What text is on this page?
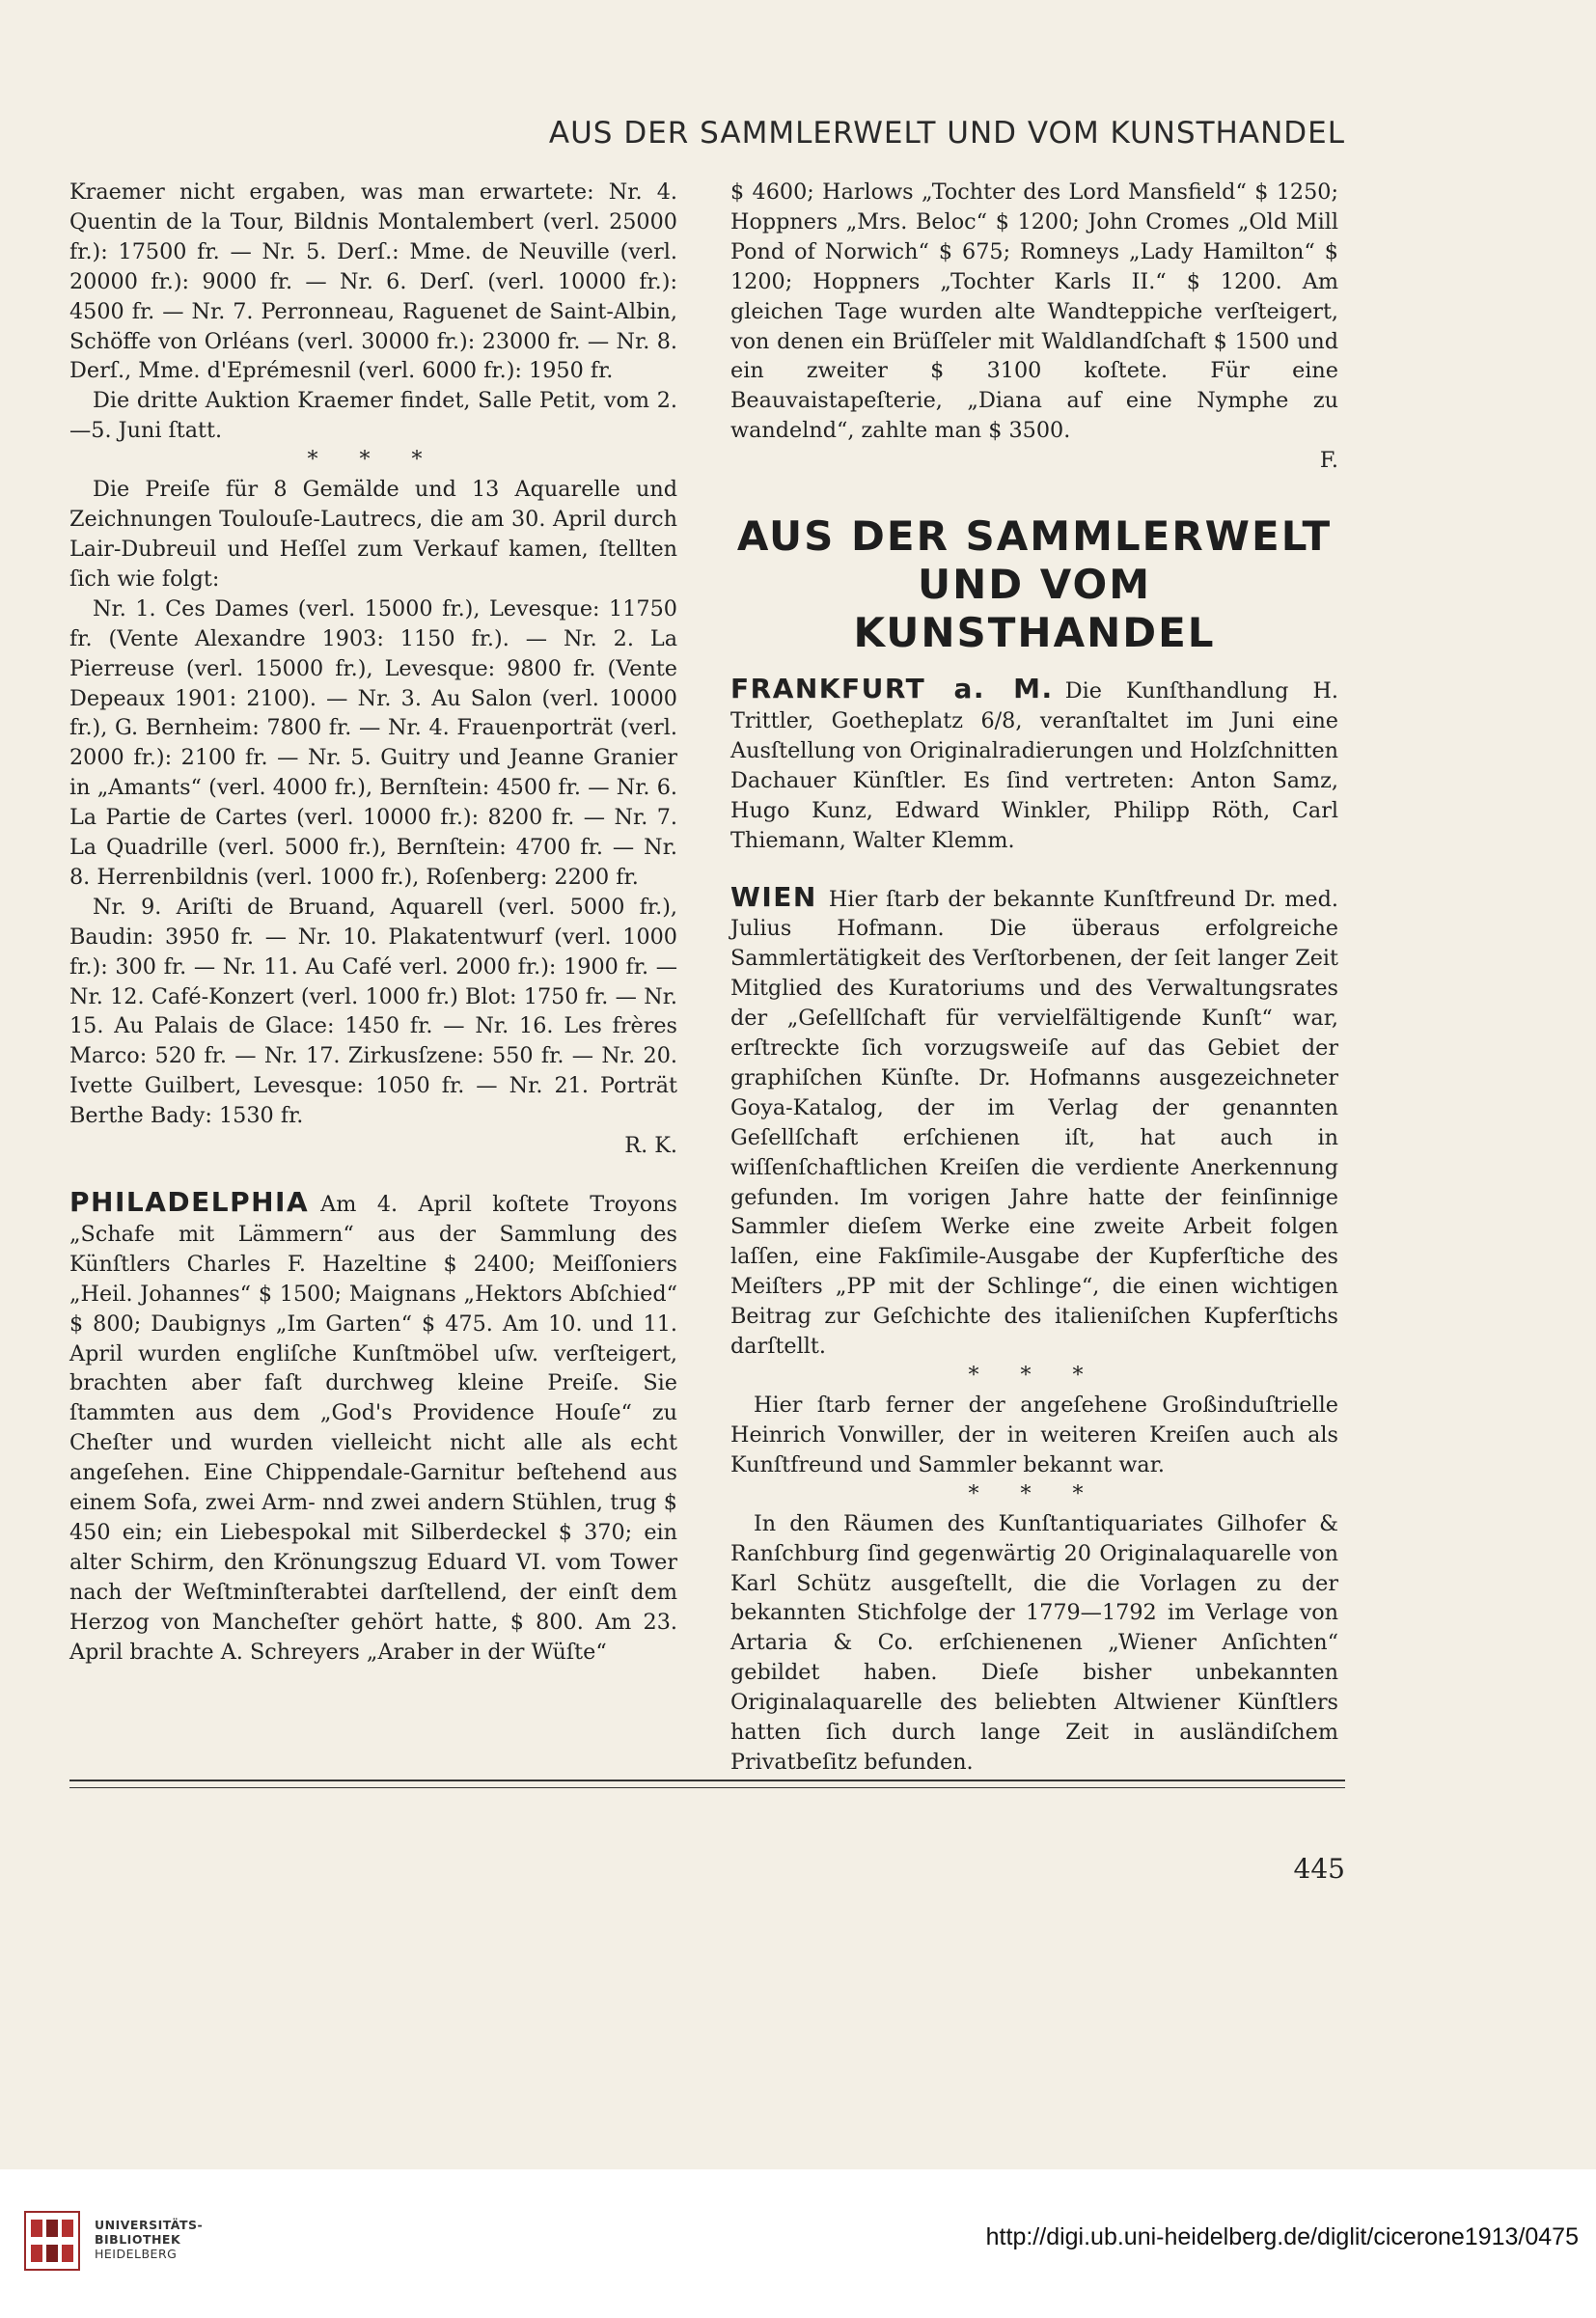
AUS DER SAMMLERWELT UND VOM KUNSTHANDEL

Kraemer nicht ergaben, was man erwartete: Nr. 4. Quentin de la Tour, Bildnis Montalembert (verl. 25000 fr.): 17500 fr. — Nr. 5. Derſ.: Mme. de Neuville (verl. 20000 fr.): 9000 fr. — Nr. 6. Derſ. (verl. 10000 fr.): 4500 fr. — Nr. 7. Perronneau, Raguenet de Saint-Albin, Schöffe von Orléans (verl. 30000 fr.): 23000 fr. — Nr. 8. Derſ., Mme. d'Eprémesnil (verl. 6000 fr.): 1950 fr.

Die dritte Auktion Kraemer findet, Salle Petit, vom 2.—5. Juni ſtatt.

* * *

Die Preiſe für 8 Gemälde und 13 Aquarelle und Zeichnungen Toulouſe-Lautrecs, die am 30. April durch Lair-Dubreuil und Heſſel zum Verkauf kamen, ſtellten ſich wie folgt:

Nr. 1. Ces Dames (verl. 15000 fr.), Levesque: 11750 fr. (Vente Alexandre 1903: 1150 fr.). — Nr. 2. La Pierreuse (verl. 15000 fr.), Levesque: 9800 fr. (Vente Depeaux 1901: 2100). — Nr. 3. Au Salon (verl. 10000 fr.), G. Bernheim: 7800 fr. — Nr. 4. Frauenporträt (verl. 2000 fr.): 2100 fr. — Nr. 5. Guitry und Jeanne Granier in „Amants“ (verl. 4000 fr.), Bernſtein: 4500 fr. — Nr. 6. La Partie de Cartes (verl. 10000 fr.): 8200 fr. — Nr. 7. La Quadrille (verl. 5000 fr.), Bernſtein: 4700 fr. — Nr. 8. Herrenbildnis (verl. 1000 fr.), Roſenberg: 2200 fr.

Nr. 9. Ariſti de Bruand, Aquarell (verl. 5000 fr.), Baudin: 3950 fr. — Nr. 10. Plakatentwurf (verl. 1000 fr.): 300 fr. — Nr. 11. Au Café verl. 2000 fr.): 1900 fr. — Nr. 12. Café-Konzert (verl. 1000 fr.) Blot: 1750 fr. — Nr. 15. Au Palais de Glace: 1450 fr. — Nr. 16. Les frères Marco: 520 fr. — Nr. 17. Zirkusſzene: 550 fr. — Nr. 20. Ivette Guilbert, Levesque: 1050 fr. — Nr. 21. Porträt Berthe Bady: 1530 fr.

R. K.

PHILADELPHIA Am 4. April koſtete Troyons „Schafe mit Lämmern“ aus der Sammlung des Künſtlers Charles F. Hazeltine $ 2400; Meiſſoniers „Heil. Johannes“ $ 1500; Maignans „Hektors Abſchied“ $ 800; Daubignys „Im Garten“ $ 475. Am 10. und 11. April wurden engliſche Kunſtmöbel uſw. verſteigert, brachten aber faſt durchweg kleine Preiſe. Sie ſtammten aus dem „God's Providence Houſe“ zu Cheſter und wurden vielleicht nicht alle als echt angeſehen. Eine Chippendale-Garnitur beſtehend aus einem Sofa, zwei Arm- nnd zwei andern Stühlen, trug $ 450 ein; ein Liebespokal mit Silberdeckel $ 370; ein alter Schirm, den Krönungszug Eduard VI. vom Tower nach der Weſtminſterabtei darſtellend, der einſt dem Herzog von Mancheſter gehört hatte, $ 800. Am 23. April brachte A. Schreyers „Araber in der Wüſte“

$ 4600; Harlows „Tochter des Lord Mansfield“ $ 1250; Hoppners „Mrs. Beloc“ $ 1200; John Cromes „Old Mill Pond of Norwich“ $ 675; Romneys „Lady Hamilton“ $ 1200; Hoppners „Tochter Karls II.“ $ 1200. Am gleichen Tage wurden alte Wandteppiche verſteigert, von denen ein Brüſſeler mit Waldlandſchaft $ 1500 und ein zweiter $ 3100 koſtete. Für eine Beauvaistapeſterie, „Diana auf eine Nymphe zu wandelnd“, zahlte man $ 3500.

F.

AUS DER SAMMLERWELT UND VOM KUNSTHANDEL

FRANKFURT a. M. Die Kunſthandlung H. Trittler, Goetheplatz 6/8, veranſtaltet im Juni eine Ausſtellung von Originalradierungen und Holzſchnitten Dachauer Künſtler. Es ſind vertreten: Anton Samz, Hugo Kunz, Edward Winkler, Philipp Röth, Carl Thiemann, Walter Klemm.

WIEN Hier ſtarb der bekannte Kunſtfreund Dr. med. Julius Hofmann. Die überaus erfolgreiche Sammlertätigkeit des Verſtorbenen, der ſeit langer Zeit Mitglied des Kuratoriums und des Verwaltungsrates der „Geſellſchaft für vervielfältigende Kunſt“ war, erſtreckte ſich vorzugsweiſe auf das Gebiet der graphiſchen Künſte. Dr. Hofmanns ausgezeichneter Goya-Katalog, der im Verlag der genannten Geſellſchaft erſchienen iſt, hat auch in wiſſenſchaftlichen Kreiſen die verdiente Anerkennung gefunden. Im vorigen Jahre hatte der feinſinnige Sammler dieſem Werke eine zweite Arbeit folgen laſſen, eine Fakſimile-Ausgabe der Kupferſtiche des Meiſters „PP mit der Schlinge“, die einen wichtigen Beitrag zur Geſchichte des italieniſchen Kupferſtichs darſtellt.

* * *

Hier ſtarb ferner der angeſehene Großinduſtrielle Heinrich Vonwiller, der in weiteren Kreiſen auch als Kunſtfreund und Sammler bekannt war.

* * *

In den Räumen des Kunſtantiquariates Gilhofer & Ranſchburg ſind gegenwärtig 20 Originalaquarelle von Karl Schütz ausgeſtellt, die die Vorlagen zu der bekannten Stichfolge der 1779—1792 im Verlage von Artaria & Co. erſchienenen „Wiener Anſichten“ gebildet haben. Dieſe bisher unbekannten Originalaquarelle des beliebten Altwiener Künſtlers hatten ſich durch lange Zeit in ausländiſchem Privatbeſitz befunden.

445
UNIVERSITÄTS-
BIBLIOTHEK
HEIDELBERG
http://digi.ub.uni-heidelberg.de/diglit/cicerone1913/0475
